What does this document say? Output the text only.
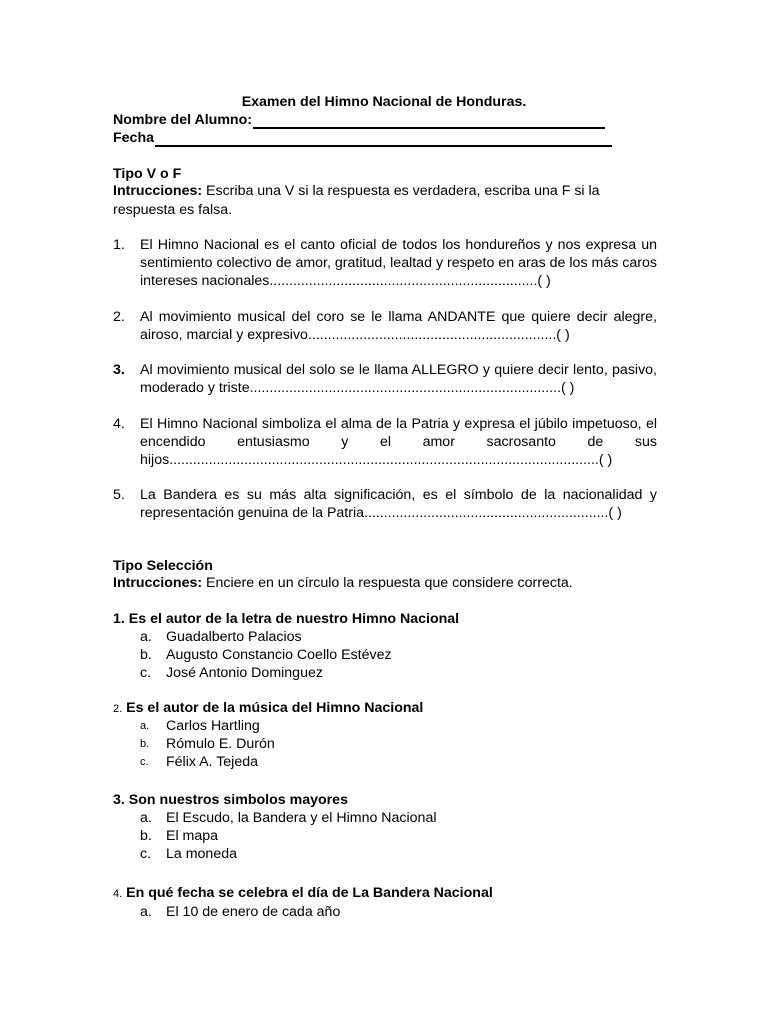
Examen del Himno Nacional de Honduras.
Nombre del Alumno:
Fecha
Tipo V o F
Intrucciones: Escriba una V si la respuesta es verdadera, escriba una F si la respuesta es falsa.
1.	El Himno Nacional es el canto oficial de todos los hondureños y nos expresa un sentimiento colectivo de amor, gratitud, lealtad y respeto en aras de los más caros intereses nacionales....................................................................( )
2.	Al movimiento musical del coro se le llama ANDANTE que quiere decir alegre, airoso, marcial y expresivo...............................................................( )
3.	Al movimiento musical del solo se le llama ALLEGRO y quiere decir lento, pasivo, moderado y triste...............................................................................( )
4.	El Himno Nacional simboliza el alma de la Patria y expresa el júbilo impetuoso, el encendido entusiasmo y el amor sacrosanto de sus hijos.............................................................................................................( )
5.	La Bandera es su más alta significación, es el símbolo de la nacionalidad y representación genuina de la Patria..............................................................( )
Tipo Selección
Intrucciones: Enciere en un círculo la respuesta que considere correcta.
1. Es el autor de la letra de nuestro Himno Nacional
a. Guadalberto Palacios
b. Augusto Constancio Coello Estévez
c.	José Antonio Dominguez
2. Es el autor de la música del Himno Nacional
a.	Carlos Hartling
b.	Rómulo E. Durón
c.	Félix A. Tejeda
3. Son nuestros simbolos mayores
a. El Escudo, la Bandera y el Himno Nacional
b. El mapa
c.	La moneda
4. En qué fecha se celebra el día de La Bandera Nacional
a. El 10 de enero de cada año
